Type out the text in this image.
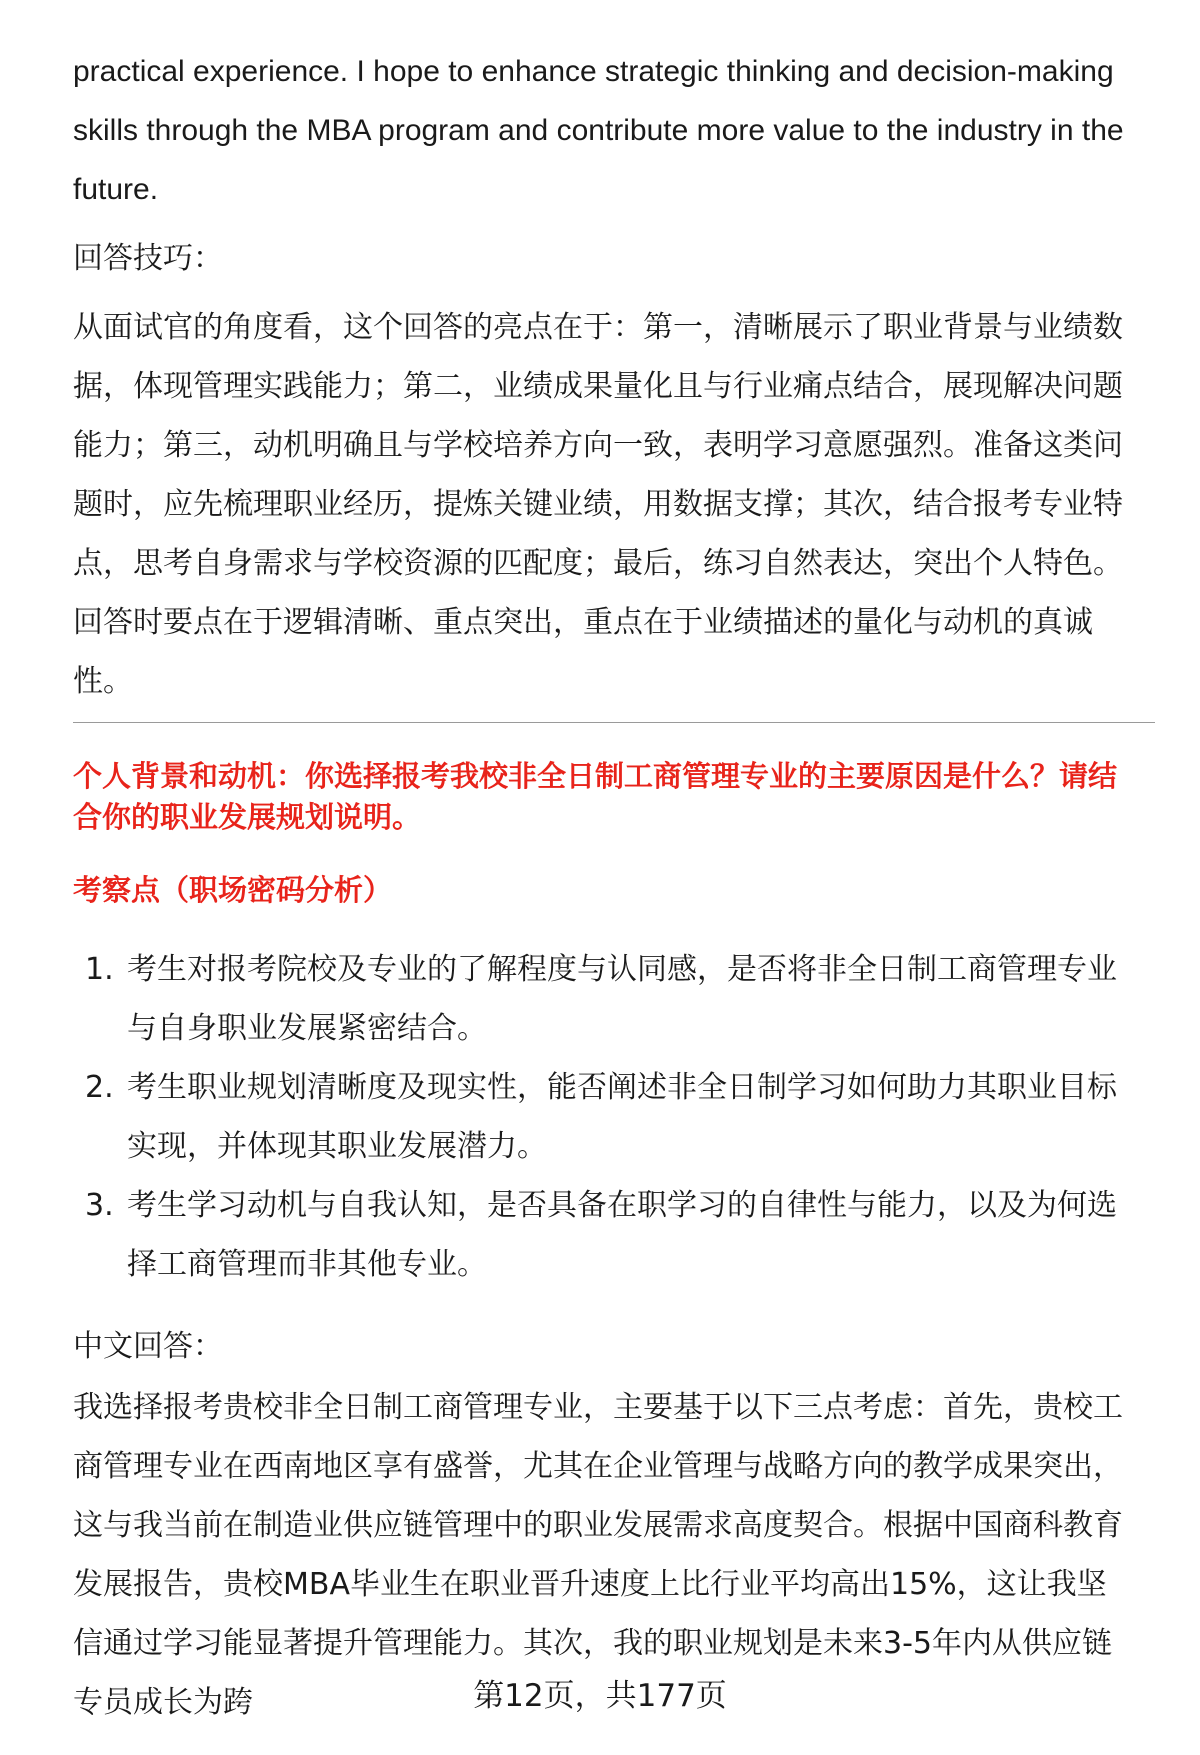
practical experience. I hope to enhance strategic thinking and decision-making skills through the MBA program and contribute more value to the industry in the future.

回答技巧：

从面试官的角度看，这个回答的亮点在于：第一，清晰展示了职业背景与业绩数据，体现管理实践能力；第二，业绩成果量化且与行业痛点结合，展现解决问题能力；第三，动机明确且与学校培养方向一致，表明学习意愿强烈。准备这类问题时，应先梳理职业经历，提炼关键业绩，用数据支撑；其次，结合报考专业特点，思考自身需求与学校资源的匹配度；最后，练习自然表达，突出个人特色。回答时要点在于逻辑清晰、重点突出，重点在于业绩描述的量化与动机的真诚性。

个人背景和动机：你选择报考我校非全日制工商管理专业的主要原因是什么？请结合你的职业发展规划说明。

考察点（职场密码分析）

1. 考生对报考院校及专业的了解程度与认同感，是否将非全日制工商管理专业与自身职业发展紧密结合。
2. 考生职业规划清晰度及现实性，能否阐述非全日制学习如何助力其职业目标实现，并体现其职业发展潜力。
3. 考生学习动机与自我认知，是否具备在职学习的自律性与能力，以及为何选择工商管理而非其他专业。

中文回答：

我选择报考贵校非全日制工商管理专业，主要基于以下三点考虑：首先，贵校工商管理专业在西南地区享有盛誉，尤其在企业管理与战略方向的教学成果突出，这与我当前在制造业供应链管理中的职业发展需求高度契合。根据中国商科教育发展报告，贵校MBA毕业生在职业晋升速度上比行业平均高出15%，这让我坚信通过学习能显著提升管理能力。其次，我的职业规划是未来3-5年内从供应链专员成长为跨	第12页，共177页
